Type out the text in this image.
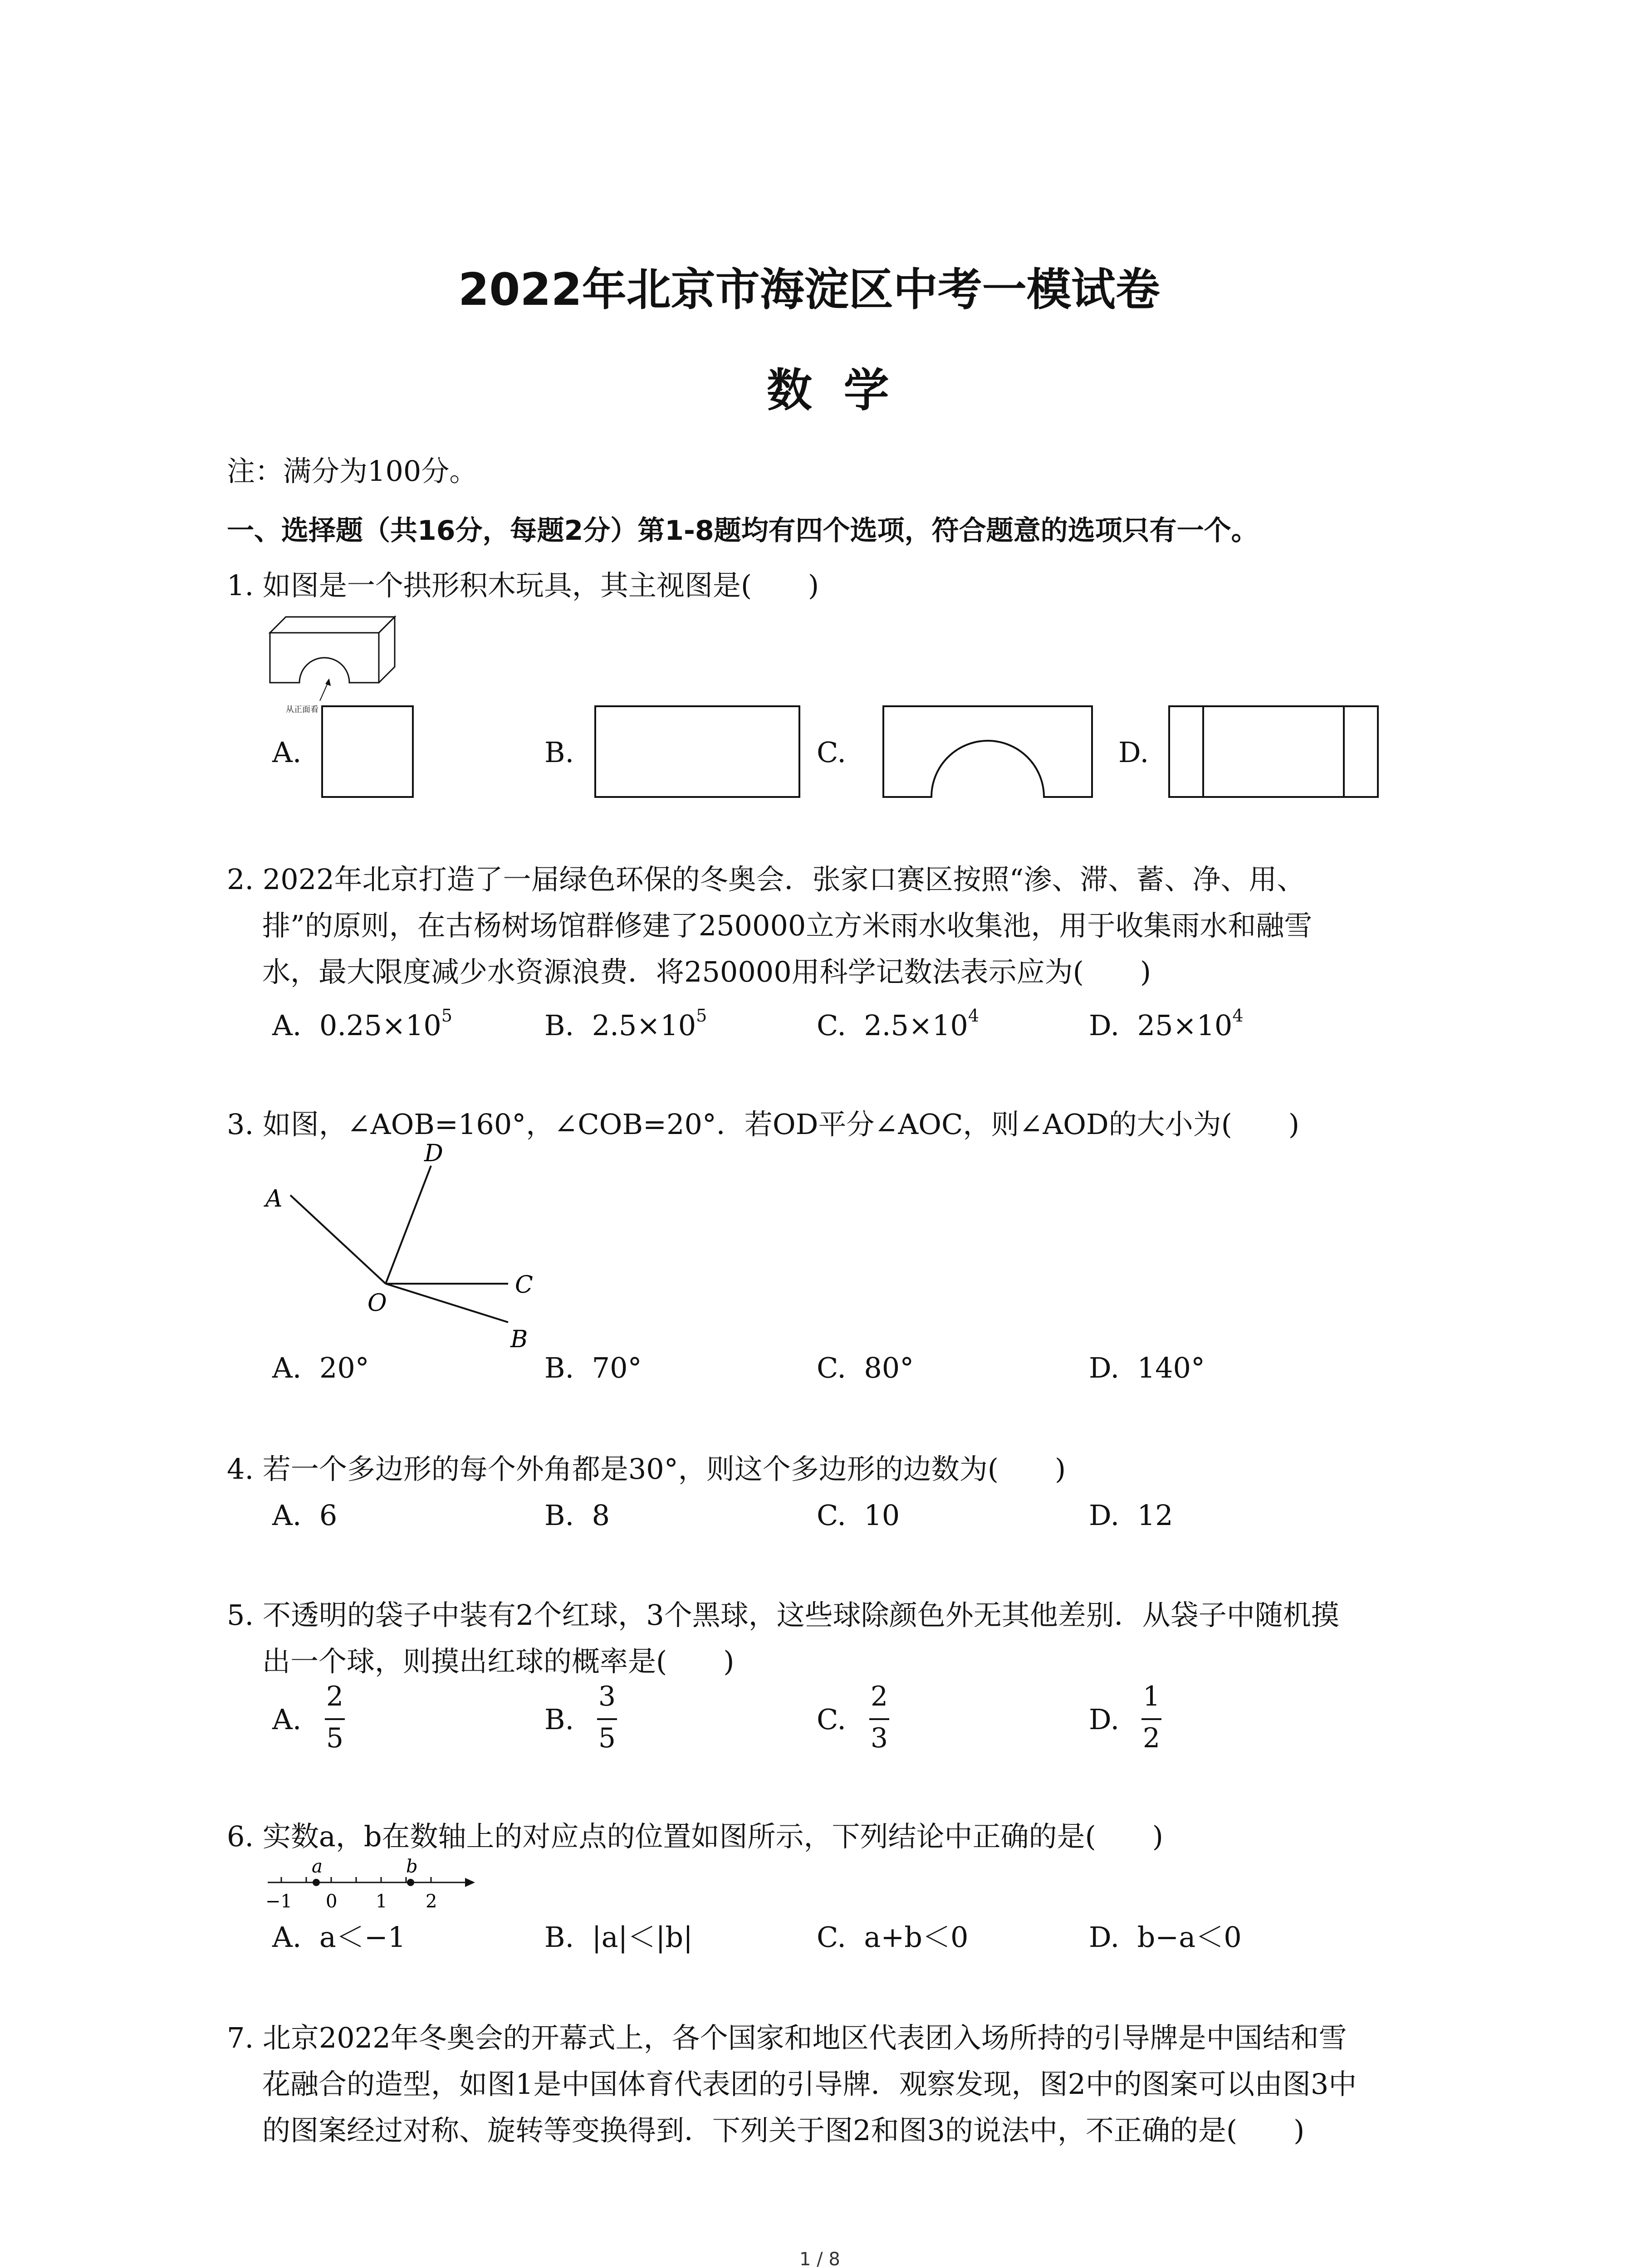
2022年北京市海淀区中考一模试卷
数  学
注：满分为100分。
一、选择题（共16分，每题2分）第1-8题均有四个选项，符合题意的选项只有一个。
1. 如图是一个拱形积木玩具，其主视图是(　　)
从正面看
A.	B.	C.	D.
2. 2022年北京打造了一届绿色环保的冬奥会．张家口赛区按照“渗、滞、蓄、净、用、
排”的原则，在古杨树场馆群修建了250000立方米雨水收集池，用于收集雨水和融雪
水，最大限度减少水资源浪费．将250000用科学记数法表示应为(　　)
A. $0.25\times 10^5$	B. $2.5\times 10^5$	C. $2.5\times 10^4$	D. $25\times 10^4$
3. 如图，∠AOB=160°，∠COB=20°．若OD平分∠AOC，则∠AOD的大小为(　　)
A
B
C
D
O
A.  20°	B.  70°	C.  80°	D.  140°
4. 若一个多边形的每个外角都是30°，则这个多边形的边数为(　　)
A.  6	B.  8	C.  10	D.  12
5. 不透明的袋子中装有2个红球，3个黑球，这些球除颜色外无其他差别．从袋子中随机摸
出一个球，则摸出红球的概率是(　　)
A.
2
5
B.
3
5
C.
2
3
D.
1
2
6. 实数a，b在数轴上的对应点的位置如图所示，下列结论中正确的是(　　)
a	b
−1 0 1 2
A.  a＜−1	B.  |a|＜|b|	C.  a+b＜0	D.  b−a＜0
7. 北京2022年冬奥会的开幕式上，各个国家和地区代表团入场所持的引导牌是中国结和雪
花融合的造型，如图1是中国体育代表团的引导牌．观察发现，图2中的图案可以由图3中
的图案经过对称、旋转等变换得到．下列关于图2和图3的说法中，不正确的是(　　)
1 / 8
